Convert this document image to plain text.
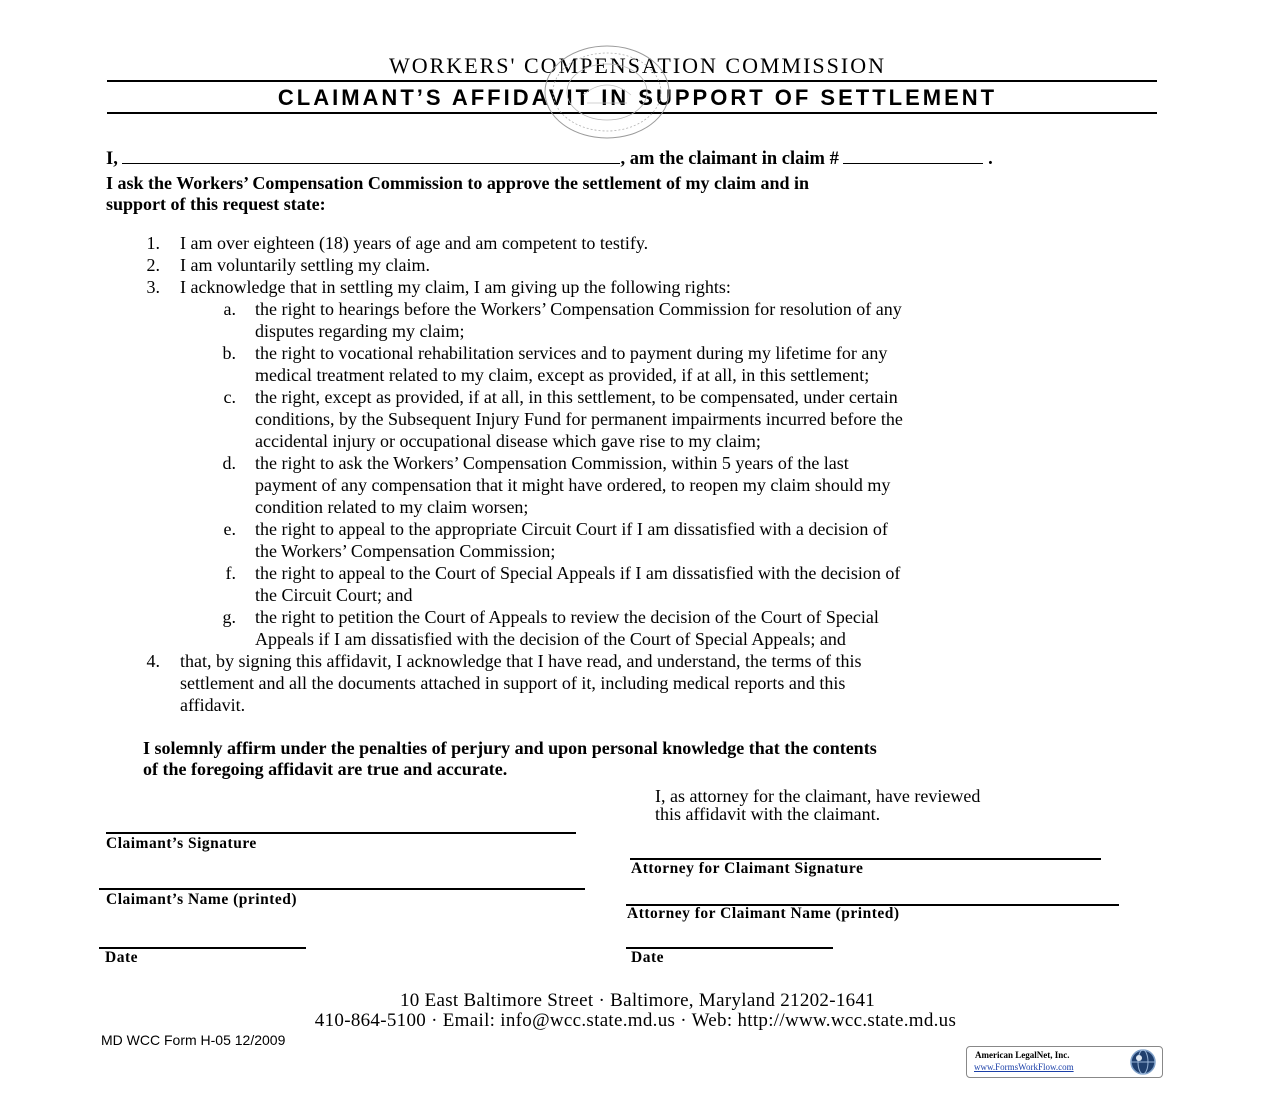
WORKERS' COMPENSATION COMMISSION
CLAIMANT’S AFFIDAVIT IN SUPPORT OF SETTLEMENT
I,	, am the claimant in claim #	.
I ask the Workers’ Compensation Commission to approve the settlement of my claim and in
support of this request state:
1. I am over eighteen (18) years of age and am competent to testify.
2. I am voluntarily settling my claim.
3. I acknowledge that in settling my claim, I am giving up the following rights:
a. the right to hearings before the Workers’ Compensation Commission for resolution of any
disputes regarding my claim;
b. the right to vocational rehabilitation services and to payment during my lifetime for any
medical treatment related to my claim, except as provided, if at all, in this settlement;
c. the right, except as provided, if at all, in this settlement, to be compensated, under certain
conditions, by the Subsequent Injury Fund for permanent impairments incurred before the
accidental injury or occupational disease which gave rise to my claim;
d. the right to ask the Workers’ Compensation Commission, within 5 years of the last
payment of any compensation that it might have ordered, to reopen my claim should my
condition related to my claim worsen;
e. the right to appeal to the appropriate Circuit Court if I am dissatisfied with a decision of
the Workers’ Compensation Commission;
f. the right to appeal to the Court of Special Appeals if I am dissatisfied with the decision of
the Circuit Court; and
g. the right to petition the Court of Appeals to review the decision of the Court of Special
Appeals if I am dissatisfied with the decision of the Court of Special Appeals; and
4. that, by signing this affidavit, I acknowledge that I have read, and understand, the terms of this
settlement and all the documents attached in support of it, including medical reports and this
affidavit.
I solemnly affirm under the penalties of perjury and upon personal knowledge that the contents
of the foregoing affidavit are true and accurate.
I, as attorney for the claimant, have reviewed
this affidavit with the claimant.
Claimant’s Signature
Claimant’s Name (printed)
Date
Attorney for Claimant Signature
Attorney for Claimant Name (printed)
Date
10 East Baltimore Street · Baltimore, Maryland 21202-1641
410-864-5100 · Email: info@wcc.state.md.us · Web: http://www.wcc.state.md.us
MD WCC Form H-05 12/2009
American LegalNet, Inc.
www.FormsWorkFlow.com
